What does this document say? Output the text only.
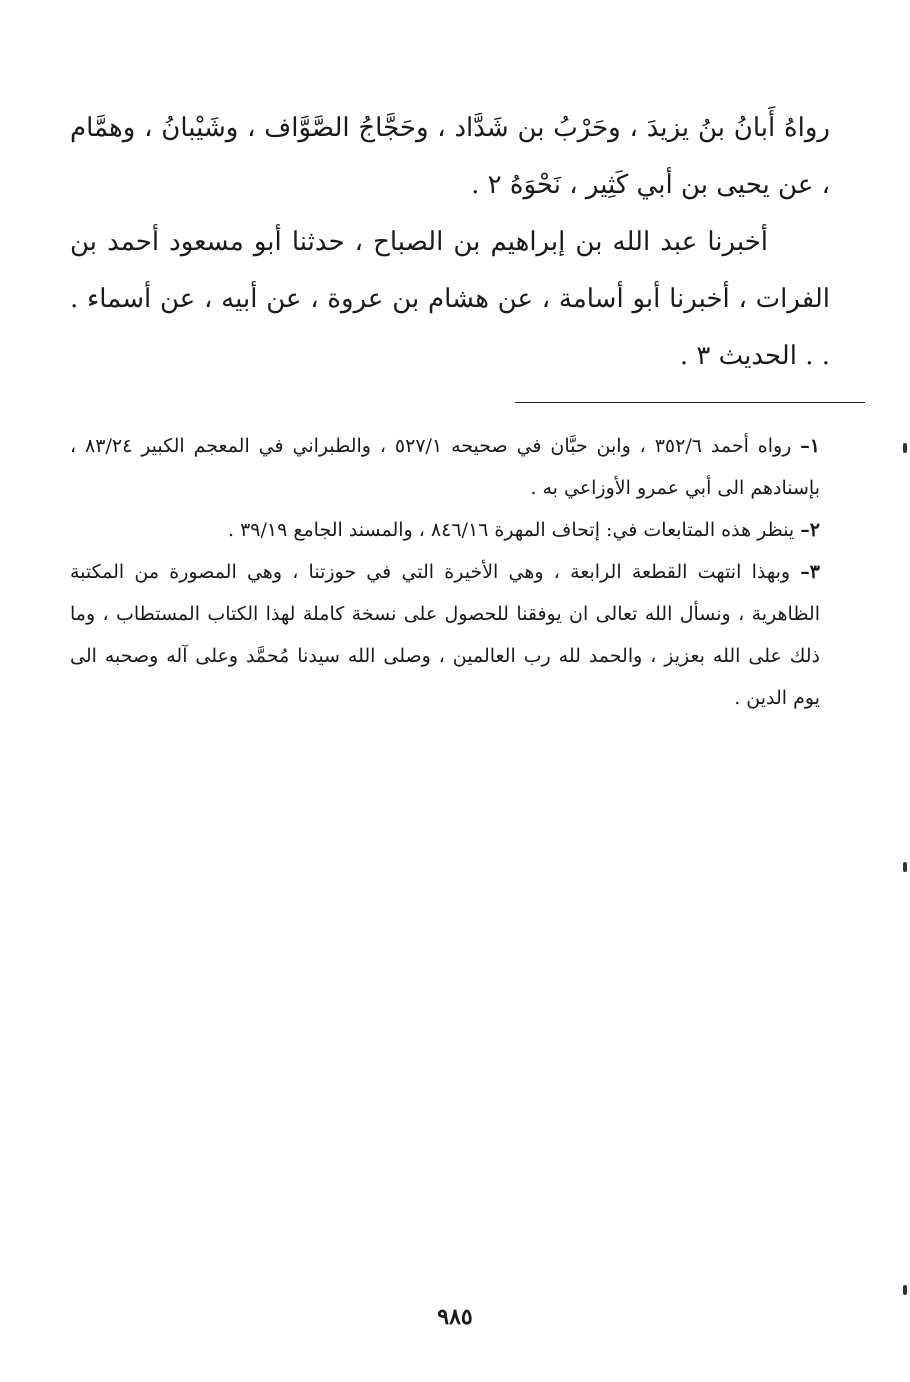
رواهُ أَبانُ بنُ يزيدَ ، وحَرْبُ بن شَدَّاد ، وحَجَّاجُ الصَّوَّاف ، وشَيْبانُ ، وهمَّام ، عن يحيى بن أبي كَثِير ، نَحْوَهُ ٢ .

أخبرنا عبد الله بن إبراهيم بن الصباح ، حدثنا أبو مسعود أحمد بن الفرات ، أخبرنا أبو أسامة ، عن هشام بن عروة ، عن أبيه ، عن أسماء . . . الحديث ٣ .

١– رواه أحمد ٣٥٢/٦ ، وابن حبَّان في صحيحه ٥٢٧/١ ، والطبراني في المعجم الكبير ٨٣/٢٤ ، بإسنادهم الى أبي عمرو الأوزاعي به .

٢– ينظر هذه المتابعات في: إتحاف المهرة ٨٤٦/١٦ ، والمسند الجامع ٣٩/١٩ .

٣– وبهذا انتهت القطعة الرابعة ، وهي الأخيرة التي في حوزتنا ، وهي المصورة من المكتبة الظاهرية ، ونسأل الله تعالى ان يوفقنا للحصول على نسخة كاملة لهذا الكتاب المستطاب ، وما ذلك على الله بعزيز ، والحمد لله رب العالمين ، وصلى الله سيدنا مُحمَّد وعلى آله وصحبه الى يوم الدين .

٩٨٥
